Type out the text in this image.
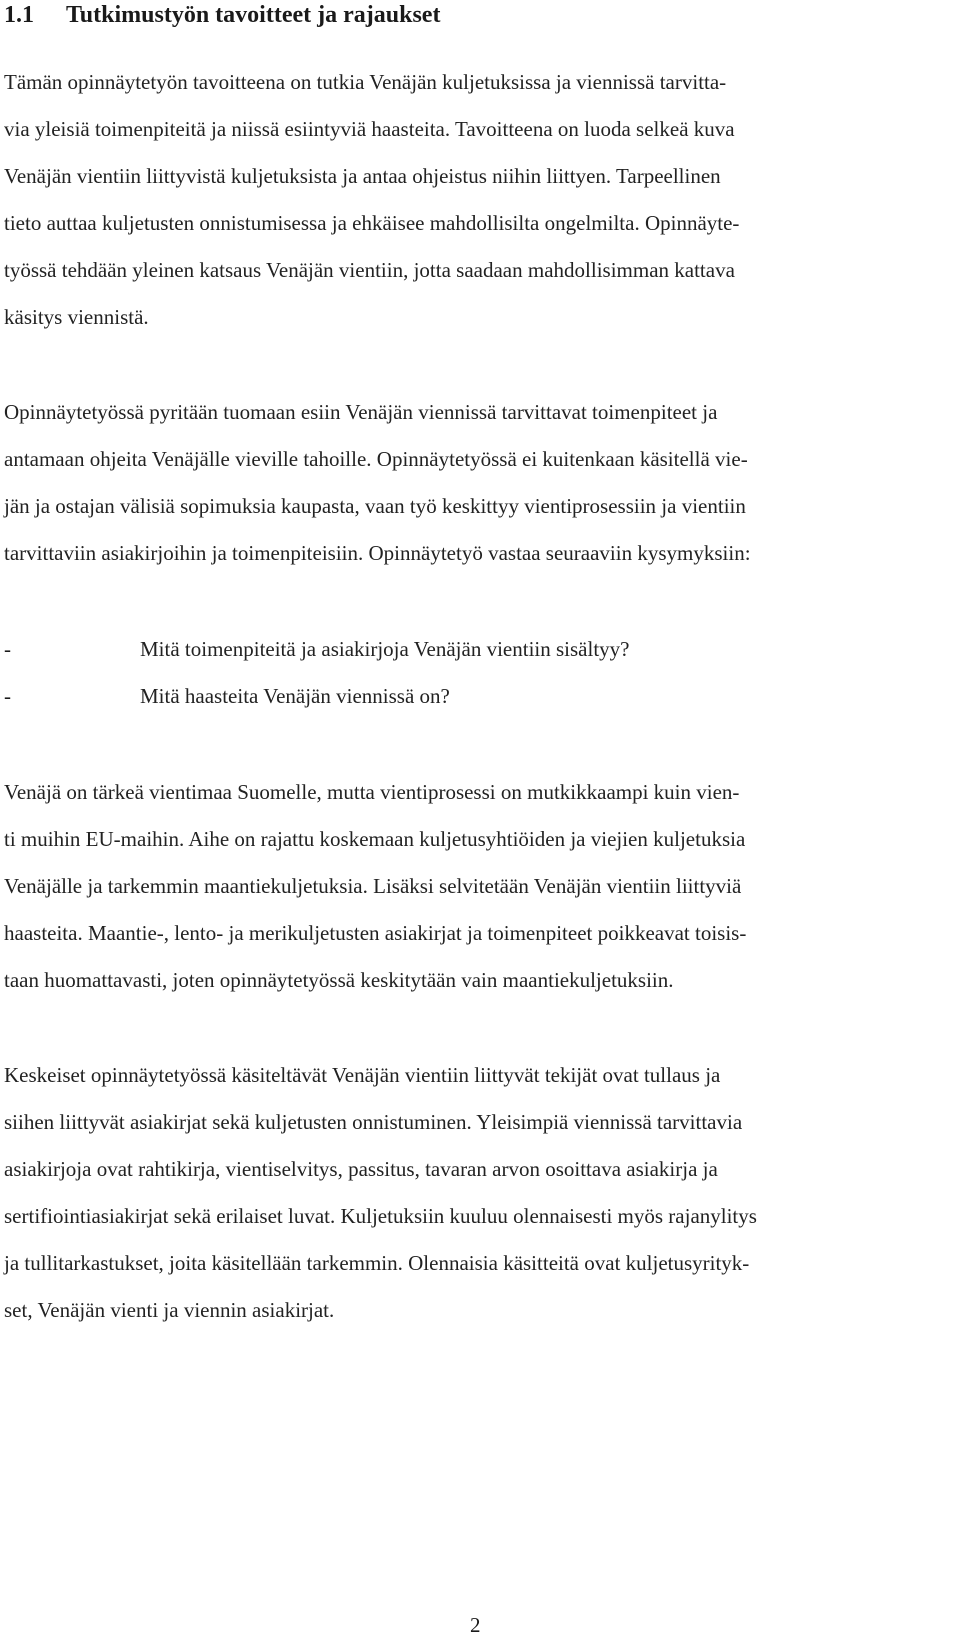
1.1 Tutkimustyön tavoitteet ja rajaukset
Tämän opinnäytetyön tavoitteena on tutkia Venäjän kuljetuksissa ja viennissä tarvitta-
via yleisiä toimenpiteitä ja niissä esiintyviä haasteita. Tavoitteena on luoda selkeä kuva
Venäjän vientiin liittyvistä kuljetuksista ja antaa ohjeistus niihin liittyen. Tarpeellinen
tieto auttaa kuljetusten onnistumisessa ja ehkäisee mahdollisilta ongelmilta. Opinnäyte-
työssä tehdään yleinen katsaus Venäjän vientiin, jotta saadaan mahdollisimman kattava
käsitys viennistä.
Opinnäytetyössä pyritään tuomaan esiin Venäjän viennissä tarvittavat toimenpiteet ja
antamaan ohjeita Venäjälle vieville tahoille. Opinnäytetyössä ei kuitenkaan käsitellä vie-
jän ja ostajan välisiä sopimuksia kaupasta, vaan työ keskittyy vientiprosessiin ja vientiin
tarvittaviin asiakirjoihin ja toimenpiteisiin. Opinnäytetyö vastaa seuraaviin kysymyksiin:
-	Mitä toimenpiteitä ja asiakirjoja Venäjän vientiin sisältyy?
-	Mitä haasteita Venäjän viennissä on?
Venäjä on tärkeä vientimaa Suomelle, mutta vientiprosessi on mutkikkaampi kuin vien-
ti muihin EU-maihin. Aihe on rajattu koskemaan kuljetusyhtiöiden ja viejien kuljetuksia
Venäjälle ja tarkemmin maantiekuljetuksia. Lisäksi selvitetään Venäjän vientiin liittyviä
haasteita. Maantie-, lento- ja merikuljetusten asiakirjat ja toimenpiteet poikkeavat toisis-
taan huomattavasti, joten opinnäytetyössä keskitytään vain maantiekuljetuksiin.
Keskeiset opinnäytetyössä käsiteltävät Venäjän vientiin liittyvät tekijät ovat tullaus ja
siihen liittyvät asiakirjat sekä kuljetusten onnistuminen. Yleisimpiä viennissä tarvittavia
asiakirjoja ovat rahtikirja, vientiselvitys, passitus, tavaran arvon osoittava asiakirja ja
sertifiointiasiakirjat sekä erilaiset luvat. Kuljetuksiin kuuluu olennaisesti myös rajanylitys
ja tullitarkastukset, joita käsitellään tarkemmin. Olennaisia käsitteitä ovat kuljetusyrityk-
set, Venäjän vienti ja viennin asiakirjat.
2
